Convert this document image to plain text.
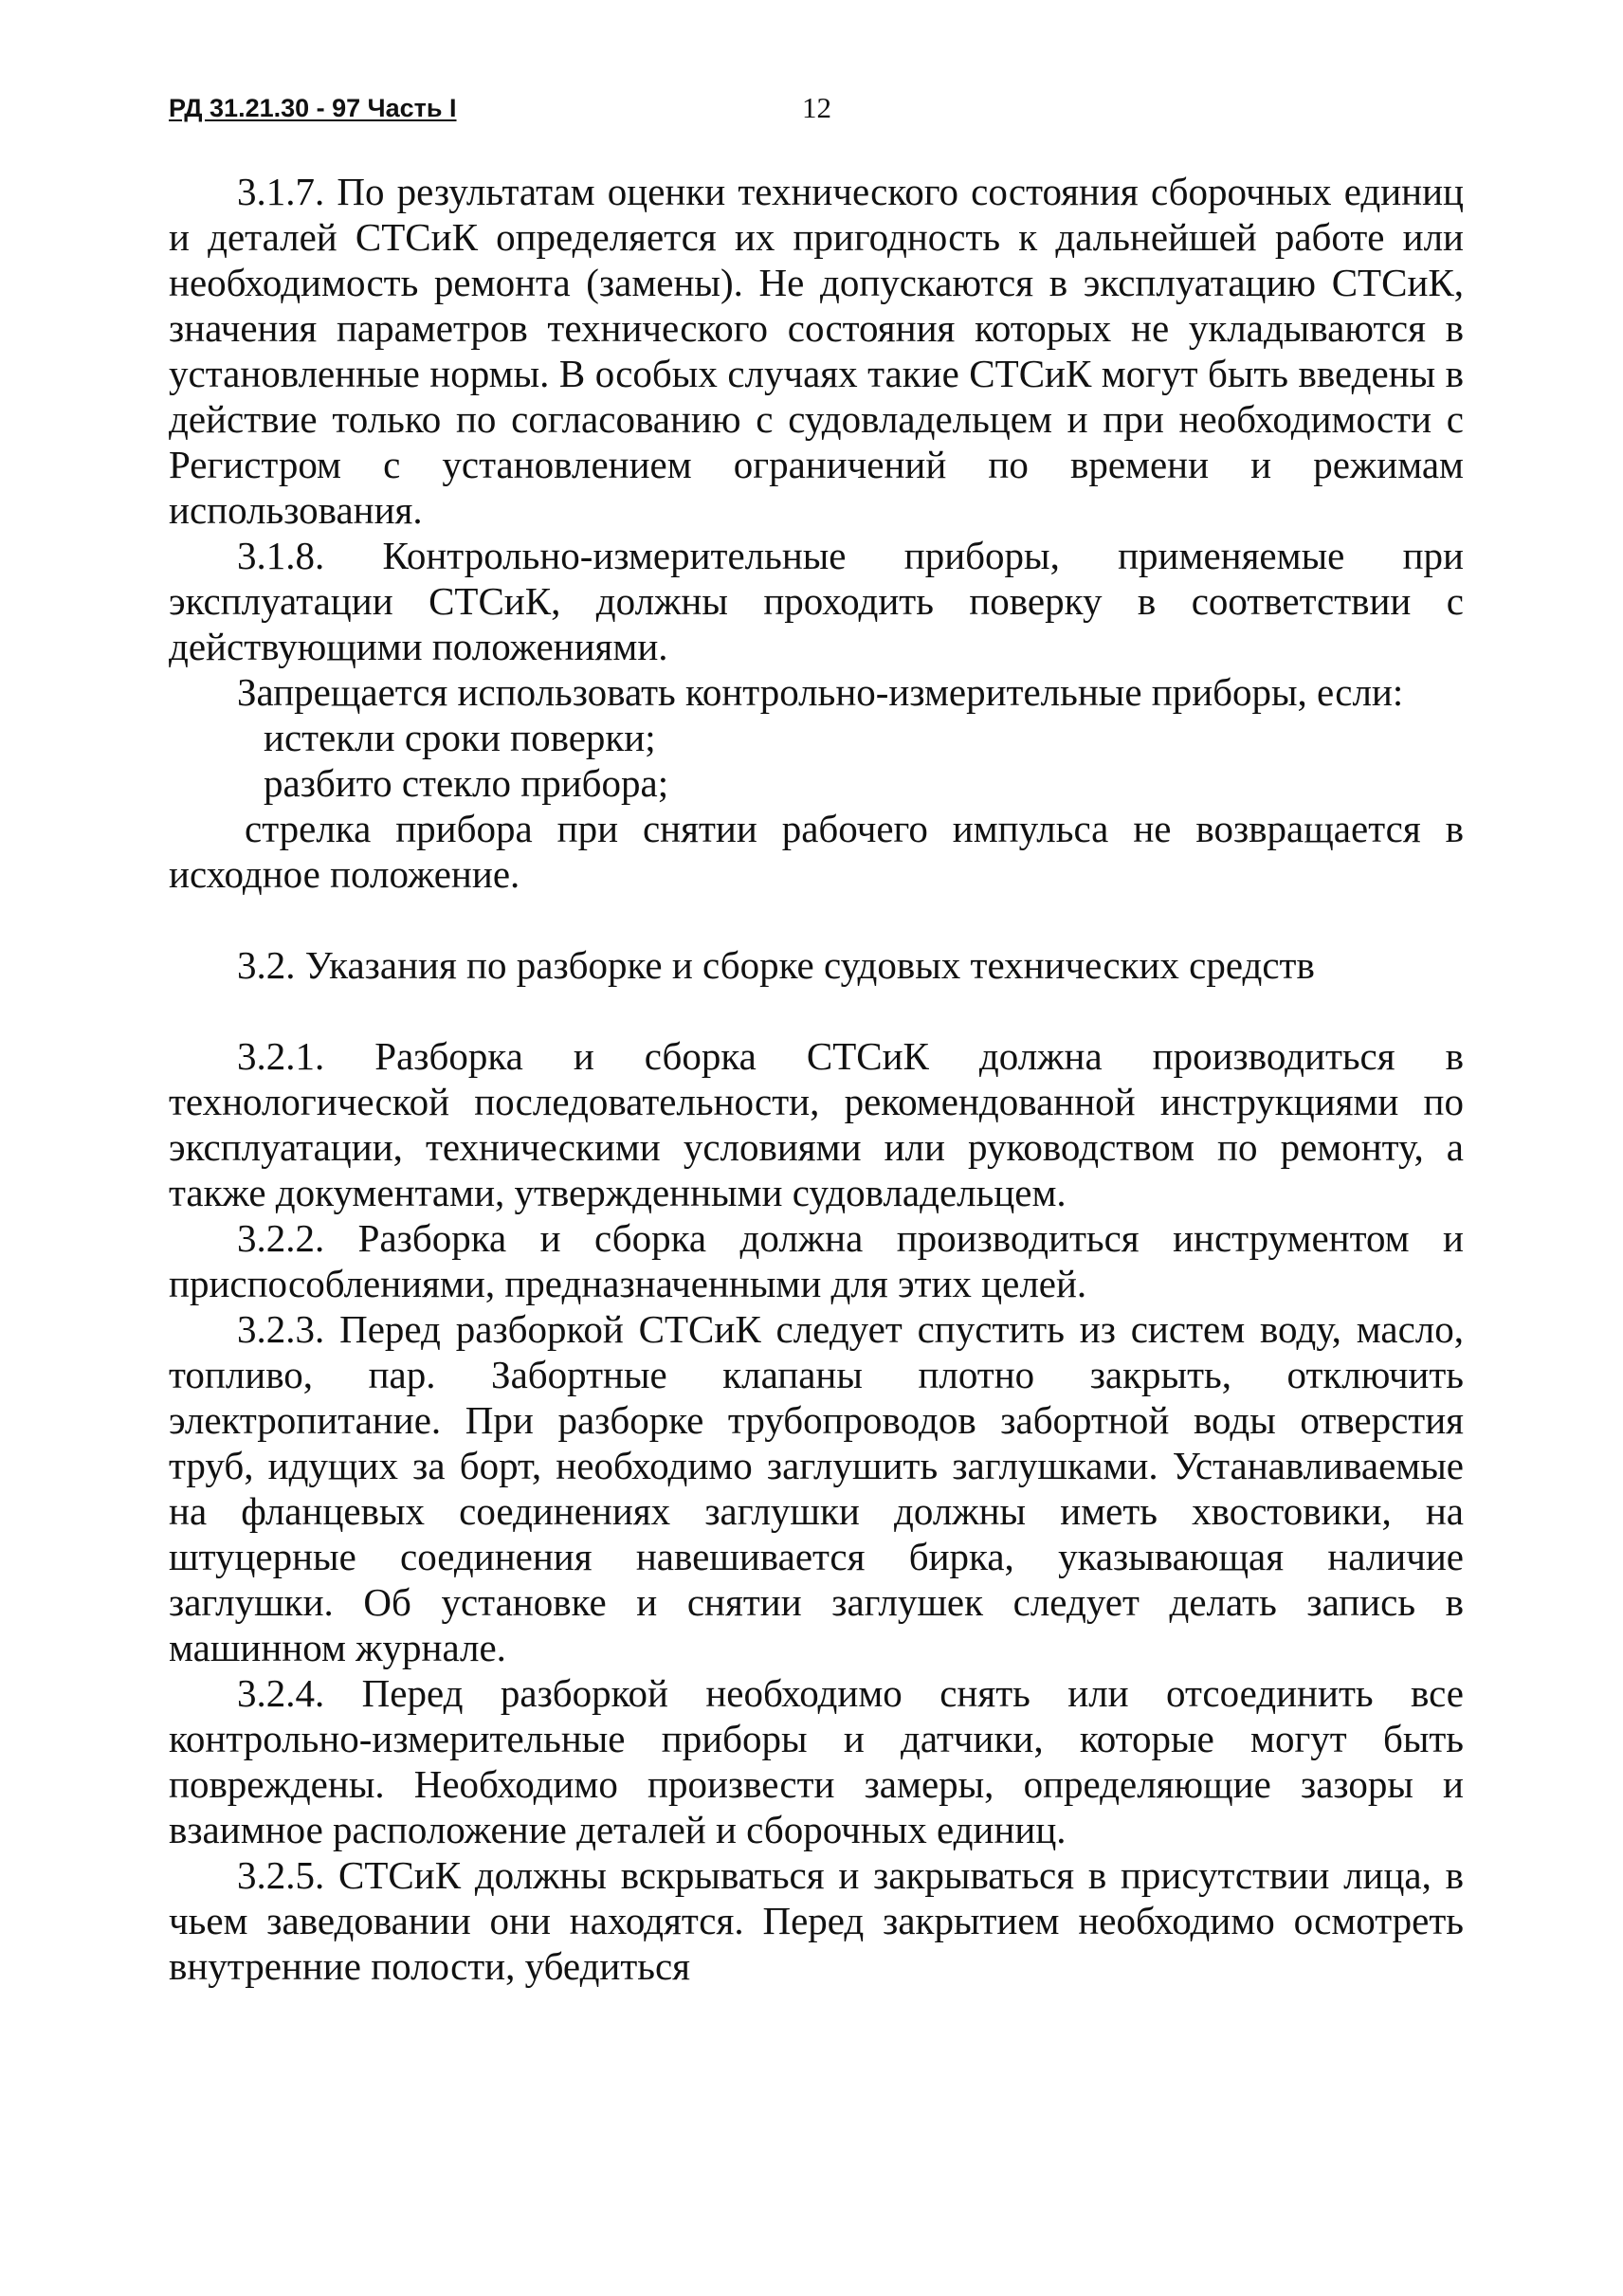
РД 31.21.30 - 97 Часть I	12

3.1.7. По результатам оценки технического состояния сборочных единиц и деталей СТСиК определяется их пригодность к дальнейшей работе или необходимость ремонта (замены). Не допускаются в эксплуатацию СТСиК, значения параметров технического состояния которых не укладываются в установленные нормы. В особых случаях такие СТСиК могут быть введены в действие только по согласованию с судовладельцем и при необходимости с Регистром с установлением ограничений по времени и режимам использования.

3.1.8. Контрольно-измерительные приборы, применяемые при эксплуатации СТСиК, должны проходить поверку в соответствии с действующими положениями.

Запрещается использовать контрольно-измерительные приборы, если:

истекли сроки поверки;

разбито стекло прибора;

стрелка прибора при снятии рабочего импульса не возвращается в исходное положение.

3.2. Указания по разборке и сборке судовых технических средств

3.2.1. Разборка и сборка СТСиК должна производиться в технологической последовательности, рекомендованной инструкциями по эксплуатации, техническими условиями или руководством по ремонту, а также документами, утвержденными судовладельцем.

3.2.2. Разборка и сборка должна производиться инструментом и приспособлениями, предназначенными для этих целей.

3.2.3. Перед разборкой СТСиК следует спустить из систем воду, масло, топливо, пар. Забортные клапаны плотно закрыть, отключить электропитание. При разборке трубопроводов забортной воды отверстия труб, идущих за борт, необходимо заглушить заглушками. Устанавливаемые на фланцевых соединениях заглушки должны иметь хвостовики, на штуцерные соединения навешивается бирка, указывающая наличие заглушки. Об установке и снятии заглушек следует делать запись в машинном журнале.

3.2.4. Перед разборкой необходимо снять или отсоединить все контрольно-измерительные приборы и датчики, которые могут быть повреждены. Необходимо произвести замеры, определяющие зазоры и взаимное расположение деталей и сборочных единиц.

3.2.5. СТСиК должны вскрываться и закрываться в присутствии лица, в чьем заведовании они находятся. Перед закрытием необходимо осмотреть внутренние полости, убедиться
